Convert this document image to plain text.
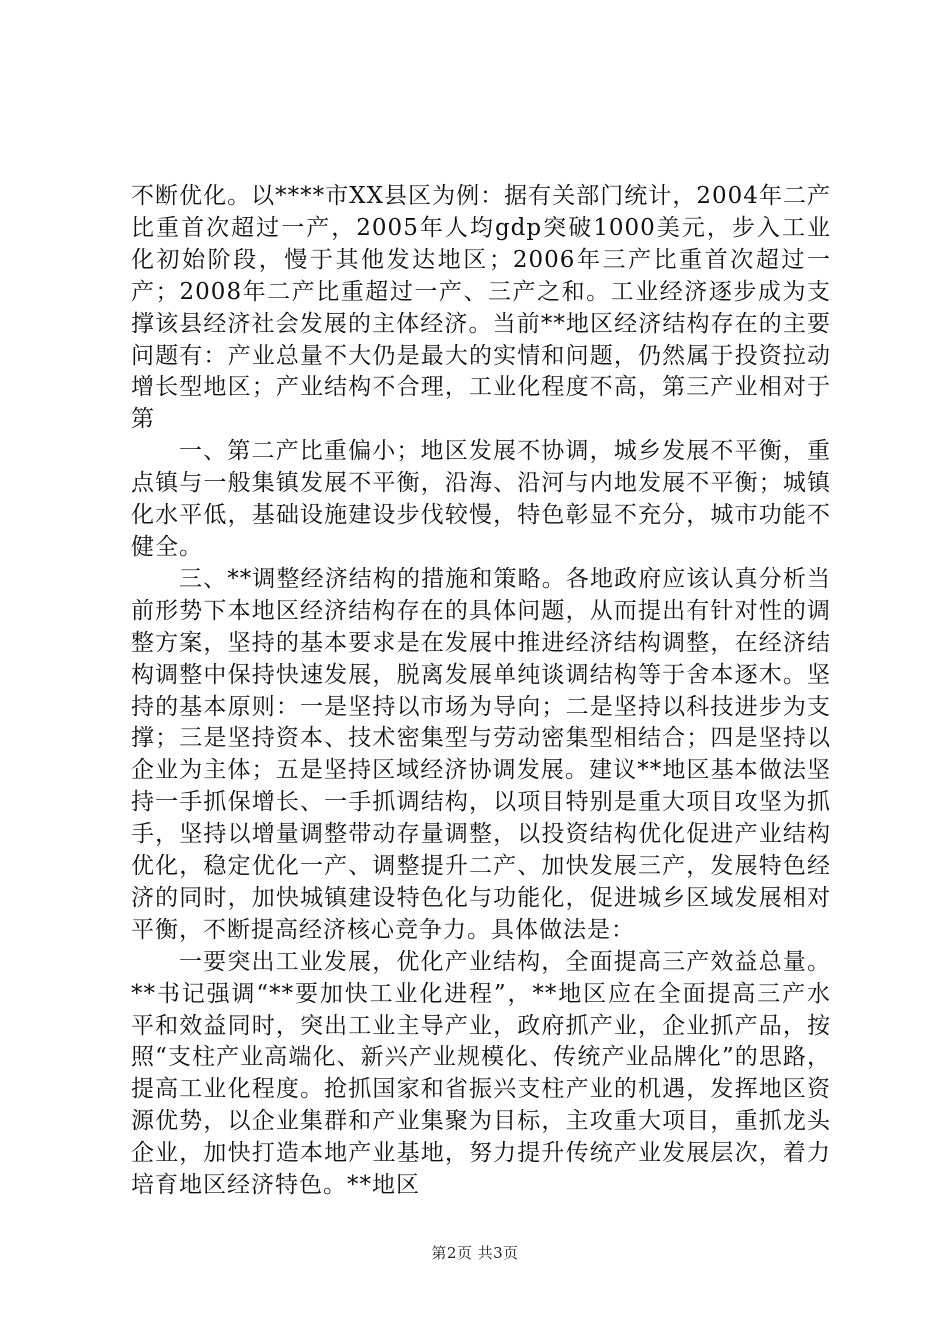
不断优化。以****市XX县区为例：据有关部门统计，2004年二产比重首次超过一产，2005年人均gdp突破1000美元，步入工业化初始阶段，慢于其他发达地区；2006年三产比重首次超过一产；2008年二产比重超过一产、三产之和。工业经济逐步成为支撑该县经济社会发展的主体经济。当前**地区经济结构存在的主要问题有：产业总量不大仍是最大的实情和问题，仍然属于投资拉动增长型地区；产业结构不合理，工业化程度不高，第三产业相对于第

一、第二产比重偏小；地区发展不协调，城乡发展不平衡，重点镇与一般集镇发展不平衡，沿海、沿河与内地发展不平衡；城镇化水平低，基础设施建设步伐较慢，特色彰显不充分，城市功能不健全。

三、**调整经济结构的措施和策略。各地政府应该认真分析当前形势下本地区经济结构存在的具体问题，从而提出有针对性的调整方案，坚持的基本要求是在发展中推进经济结构调整，在经济结构调整中保持快速发展，脱离发展单纯谈调结构等于舍本逐木。坚持的基本原则：一是坚持以市场为导向；二是坚持以科技进步为支撑；三是坚持资本、技术密集型与劳动密集型相结合；四是坚持以企业为主体；五是坚持区域经济协调发展。建议**地区基本做法坚持一手抓保增长、一手抓调结构，以项目特别是重大项目攻坚为抓手，坚持以增量调整带动存量调整，以投资结构优化促进产业结构优化，稳定优化一产、调整提升二产、加快发展三产，发展特色经济的同时，加快城镇建设特色化与功能化，促进城乡区域发展相对平衡，不断提高经济核心竞争力。具体做法是：

一要突出工业发展，优化产业结构，全面提高三产效益总量。**书记强调“**要加快工业化进程”，**地区应在全面提高三产水平和效益同时，突出工业主导产业，政府抓产业，企业抓产品，按照“支柱产业高端化、新兴产业规模化、传统产业品牌化”的思路，提高工业化程度。抢抓国家和省振兴支柱产业的机遇，发挥地区资源优势，以企业集群和产业集聚为目标，主攻重大项目，重抓龙头企业，加快打造本地产业基地，努力提升传统产业发展层次，着力培育地区经济特色。**地区

第2页 共3页
